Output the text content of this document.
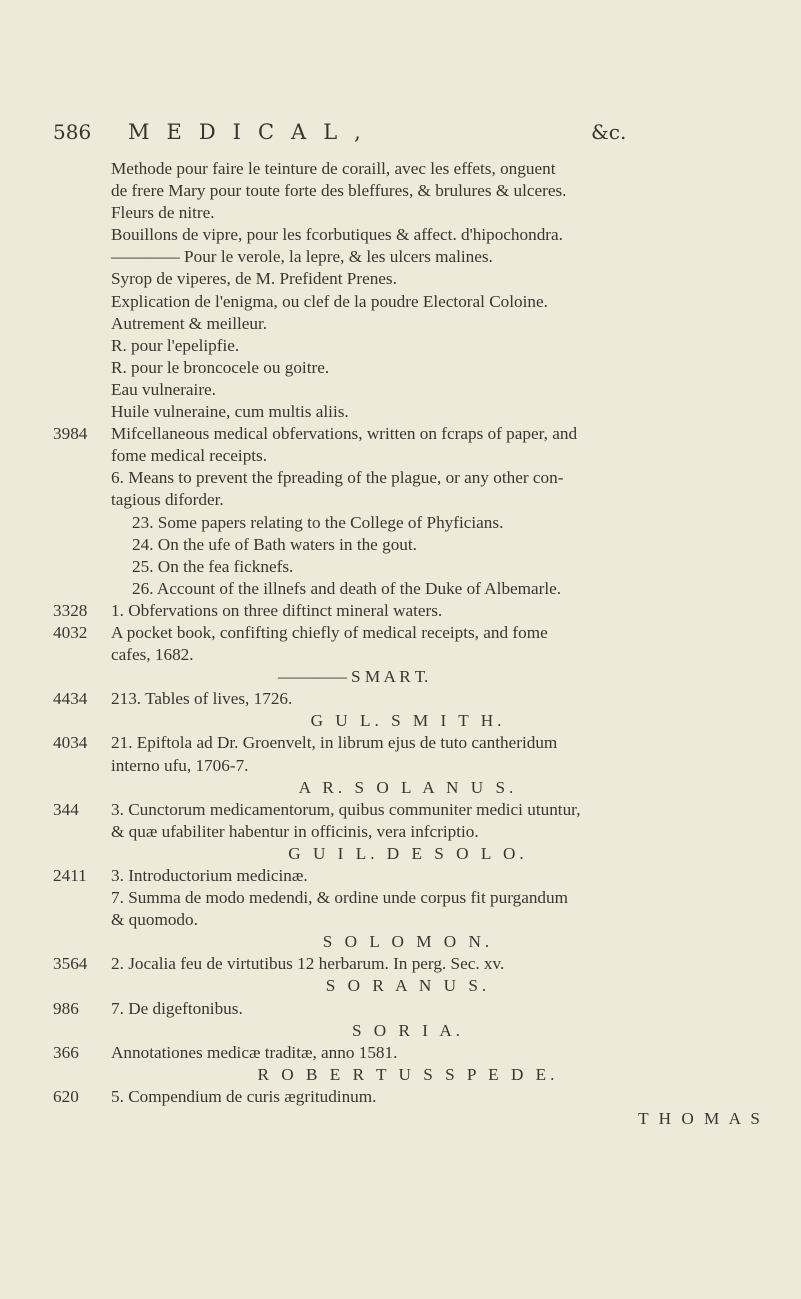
586 MEDICAL,	&c.
Methode pour faire le teinture de coraill, avec les effets, onguent
de frere Mary pour toute forte des bleffures, & brulures & ulceres.
Fleurs de nitre.
Bouillons de vipre, pour les fcorbutiques & affect. d'hipochondra.
———— Pour le verole, la lepre, & les ulcers malines.
Syrop de viperes, de M. Prefident Prenes.
Explication de l'enigma, ou clef de la poudre Electoral Coloine.
Autrement & meilleur.
R. pour l'epelipfie.
R. pour le broncocele ou goitre.
Eau vulneraire.
Huile vulneraine, cum multis aliis.
3984	Mifcellaneous medical obfervations, written on fcraps of paper, and
fome medical receipts.
6. Means to prevent the fpreading of the plague, or any other con-
tagious diforder.
23. Some papers relating to the College of Phyficians.
24. On the ufe of Bath waters in the gout.
25. On the fea ficknefs.
26. Account of the illnefs and death of the Duke of Albemarle.
3328	1. Obfervations on three diftinct mineral waters.
4032	A pocket book, confifting chiefly of medical receipts, and fome
cafes, 1682.
———— S M A R T.
4434	213. Tables of lives, 1726.
G U L. S M I T H.
4034	21. Epiftola ad Dr. Groenvelt, in librum ejus de tuto cantheridum
interno ufu, 1706-7.
A R. S O L A N U S.
344	3. Cunctorum medicamentorum, quibus communiter medici utuntur,
& quæ ufabiliter habentur in officinis, vera infcriptio.
G U I L. D E S O L O.
2411	3. Introductorium medicinæ.
7. Summa de modo medendi, & ordine unde corpus fit purgandum
& quomodo.
S O L O M O N.
3564	2. Jocalia feu de virtutibus 12 herbarum. In perg. Sec. xv.
S O R A N U S.
986	7. De digeftonibus.
S O R I A.
366	Annotationes medicæ traditæ, anno 1581.
R O B E R T U S S P E D E.
620	5. Compendium de curis ægritudinum.
T H O M A S
